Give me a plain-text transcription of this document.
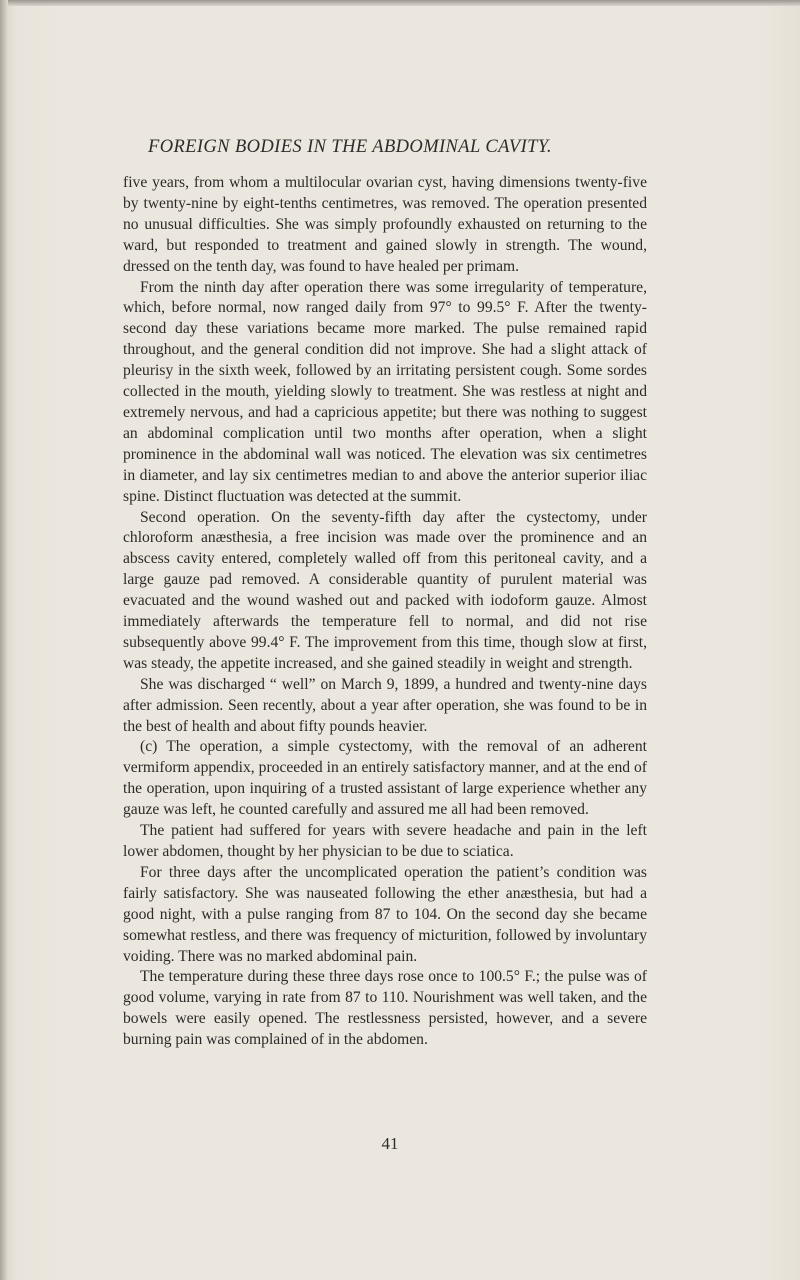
FOREIGN BODIES IN THE ABDOMINAL CAVITY.

five years, from whom a multilocular ovarian cyst, having dimensions twenty-five by twenty-nine by eight-tenths centimetres, was removed. The operation presented no unusual difficulties. She was simply profoundly exhausted on returning to the ward, but responded to treatment and gained slowly in strength. The wound, dressed on the tenth day, was found to have healed per primam.

From the ninth day after operation there was some irregularity of temperature, which, before normal, now ranged daily from 97° to 99.5° F. After the twenty-second day these variations became more marked. The pulse remained rapid throughout, and the general condition did not improve. She had a slight attack of pleurisy in the sixth week, followed by an irritating persistent cough. Some sordes collected in the mouth, yielding slowly to treatment. She was restless at night and extremely nervous, and had a capricious appetite; but there was nothing to suggest an abdominal complication until two months after operation, when a slight prominence in the abdominal wall was noticed. The elevation was six centimetres in diameter, and lay six centimetres median to and above the anterior superior iliac spine. Distinct fluctuation was detected at the summit.

Second operation. On the seventy-fifth day after the cystectomy, under chloroform anæsthesia, a free incision was made over the prominence and an abscess cavity entered, completely walled off from this peritoneal cavity, and a large gauze pad removed. A considerable quantity of purulent material was evacuated and the wound washed out and packed with iodoform gauze. Almost immediately afterwards the temperature fell to normal, and did not rise subsequently above 99.4° F. The improvement from this time, though slow at first, was steady, the appetite increased, and she gained steadily in weight and strength.

She was discharged “ well” on March 9, 1899, a hundred and twenty-nine days after admission. Seen recently, about a year after operation, she was found to be in the best of health and about fifty pounds heavier.

(c) The operation, a simple cystectomy, with the removal of an adherent vermiform appendix, proceeded in an entirely satisfactory manner, and at the end of the operation, upon inquiring of a trusted assistant of large experience whether any gauze was left, he counted carefully and assured me all had been removed.

The patient had suffered for years with severe headache and pain in the left lower abdomen, thought by her physician to be due to sciatica.

For three days after the uncomplicated operation the patient’s condition was fairly satisfactory. She was nauseated following the ether anæsthesia, but had a good night, with a pulse ranging from 87 to 104. On the second day she became somewhat restless, and there was frequency of micturition, followed by involuntary voiding. There was no marked abdominal pain.

The temperature during these three days rose once to 100.5° F.; the pulse was of good volume, varying in rate from 87 to 110. Nourishment was well taken, and the bowels were easily opened. The restlessness persisted, however, and a severe burning pain was complained of in the abdomen.

41
